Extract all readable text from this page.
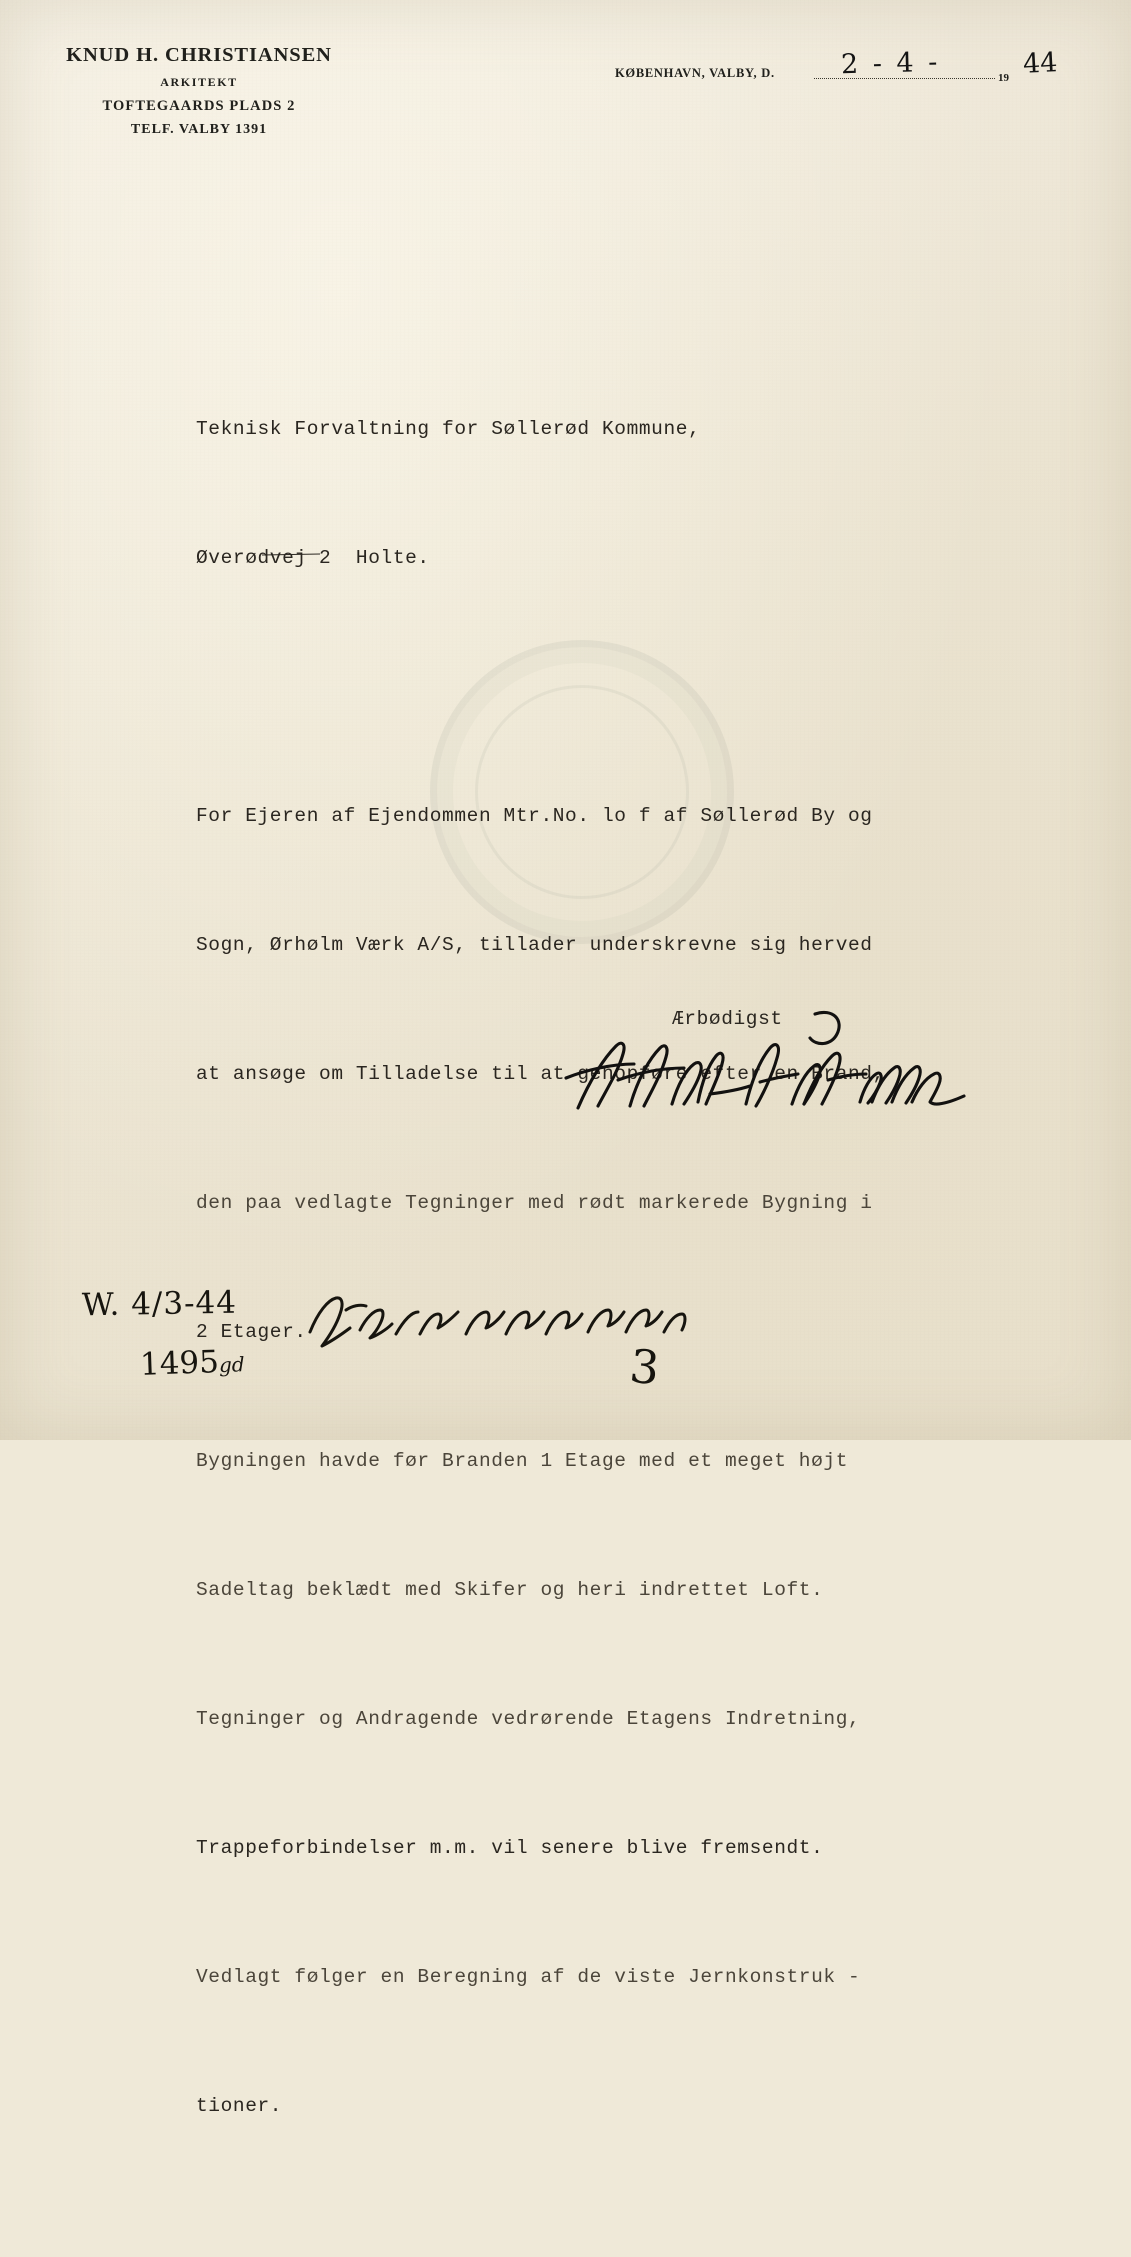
KNUD H. CHRISTIANSEN
ARKITEKT
TOFTEGAARDS PLADS 2
TELF. VALBY 1391
KØBENHAVN, VALBY, D.	19
2 - 4 -	44

Teknisk Forvaltning for Søllerød Kommune,

Øverødvej 2  Holte.

For Ejeren af Ejendommen Mtr.No. lo f af Søllerød By og

Sogn, Ørhølm Værk A/S, tillader underskrevne sig herved

at ansøge om Tilladelse til at genopføre efter en Brand,

den paa vedlagte Tegninger med rødt markerede Bygning i

2 Etager.

Bygningen havde før Branden 1 Etage med et meget højt

Sadeltag beklædt med Skifer og heri indrettet Loft.

Tegninger og Andragende vedrørende Etagens Indretning,

Trappeforbindelser m.m. vil senere blive fremsendt.

Vedlagt følger en Beregning af de viste Jernkonstruk -

tioner.

Ærbødigst
W. 4/3-44
1495gd	3
